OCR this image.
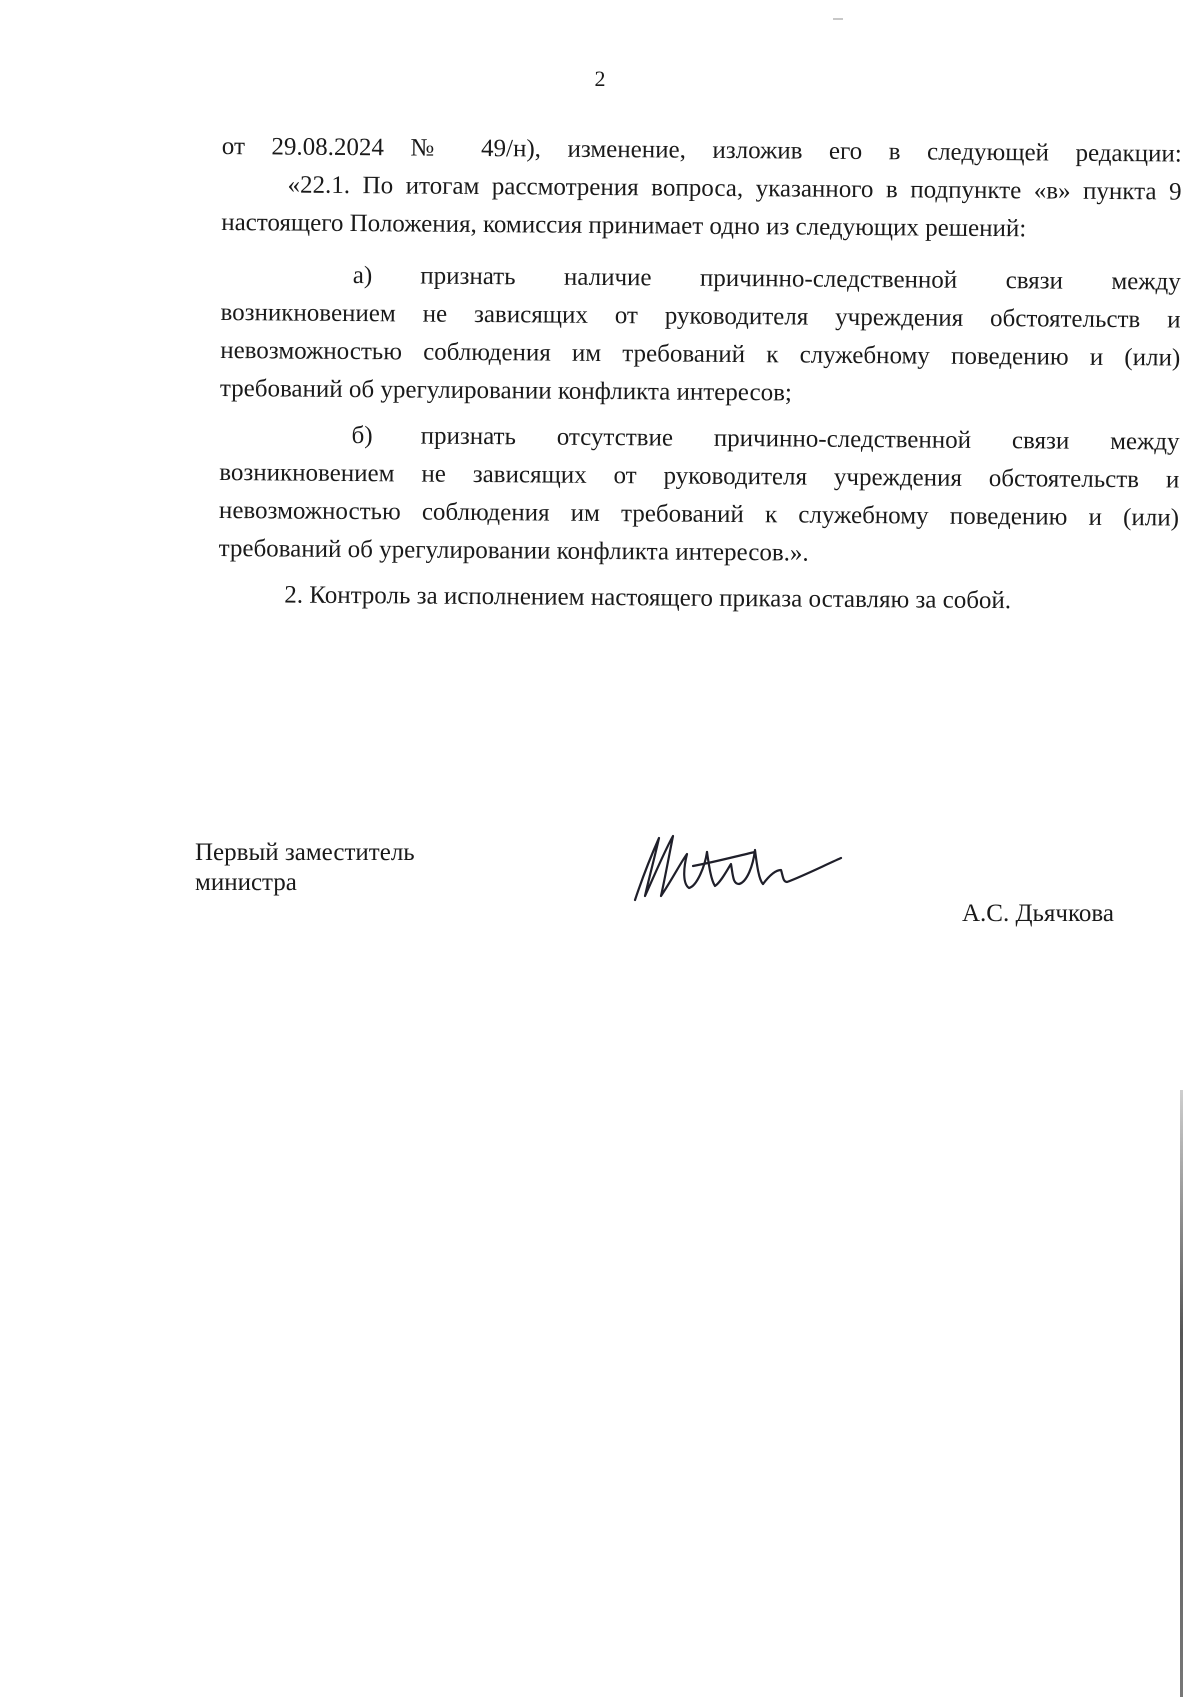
2

от 29.08.2024 № 49/н), изменение, изложив его в следующей редакции:

«22.1. По итогам рассмотрения вопроса, указанного в подпункте «в» пункта 9 настоящего Положения, комиссия принимает одно из следующих решений:

а) признать наличие причинно-следственной связи между возникновением не зависящих от руководителя учреждения обстоятельств и невозможностью соблюдения им требований к служебному поведению и (или) требований об урегулировании конфликта интересов;

б) признать отсутствие причинно-следственной связи между возникновением не зависящих от руководителя учреждения обстоятельств и невозможностью соблюдения им требований к служебному поведению и (или) требований об урегулировании конфликта интересов.».

2. Контроль за исполнением настоящего приказа оставляю за собой.

Первый заместитель
министра
А.С. Дьячкова
